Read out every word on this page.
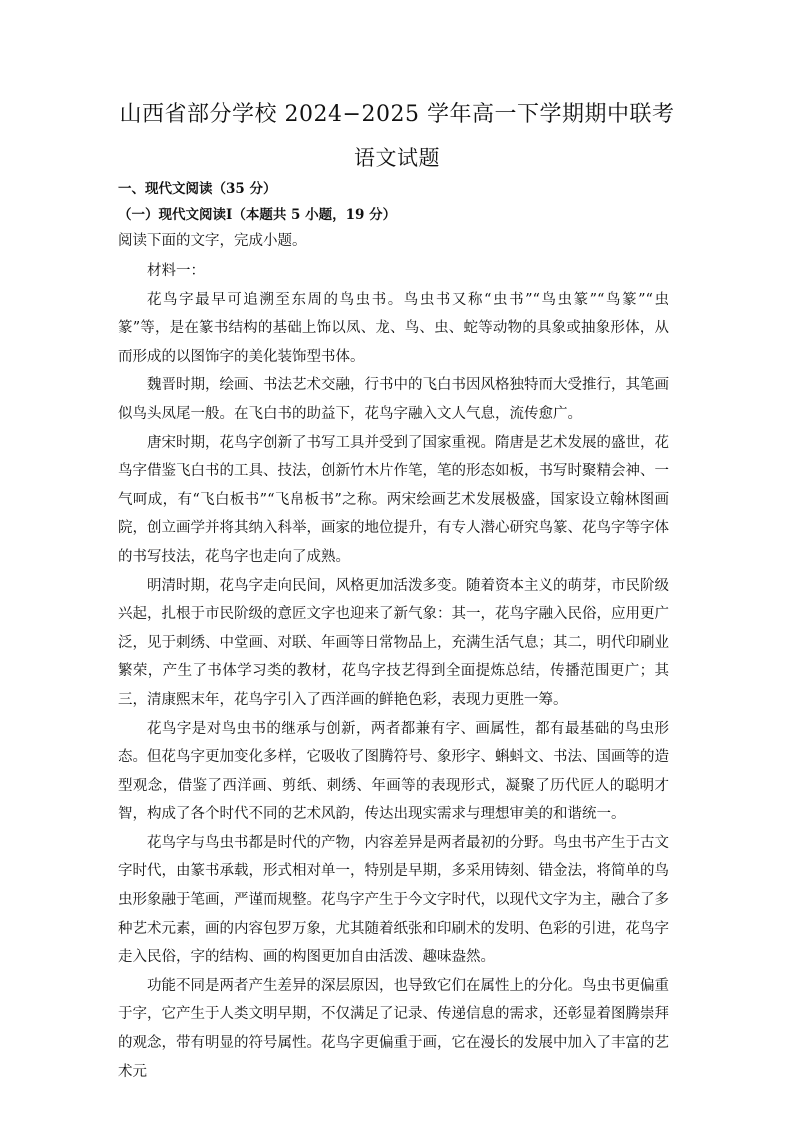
山西省部分学校 2024−2025 学年高一下学期期中联考
语文试题
一、现代文阅读（35 分）
（一）现代文阅读Ⅰ（本题共 5 小题，19 分）
阅读下面的文字，完成小题。

材料一：

花鸟字最早可追溯至东周的鸟虫书。鸟虫书又称“虫书”“鸟虫篆”“鸟篆”“虫篆”等，是在篆书结构的基础上饰以凤、龙、鸟、虫、蛇等动物的具象或抽象形体，从而形成的以图饰字的美化装饰型书体。

魏晋时期，绘画、书法艺术交融，行书中的飞白书因风格独特而大受推行，其笔画似鸟头凤尾一般。在飞白书的助益下，花鸟字融入文人气息，流传愈广。

唐宋时期，花鸟字创新了书写工具并受到了国家重视。隋唐是艺术发展的盛世，花鸟字借鉴飞白书的工具、技法，创新竹木片作笔，笔的形态如板，书写时聚精会神、一气呵成，有“飞白板书”“飞帛板书”之称。两宋绘画艺术发展极盛，国家设立翰林图画院，创立画学并将其纳入科举，画家的地位提升，有专人潜心研究鸟篆、花鸟字等字体的书写技法，花鸟字也走向了成熟。

明清时期，花鸟字走向民间，风格更加活泼多变。随着资本主义的萌芽，市民阶级兴起，扎根于市民阶级的意匠文字也迎来了新气象：其一，花鸟字融入民俗，应用更广泛，见于刺绣、中堂画、对联、年画等日常物品上，充满生活气息；其二，明代印刷业繁荣，产生了书体学习类的教材，花鸟字技艺得到全面提炼总结，传播范围更广；其三，清康熙末年，花鸟字引入了西洋画的鲜艳色彩，表现力更胜一筹。

花鸟字是对鸟虫书的继承与创新，两者都兼有字、画属性，都有最基础的鸟虫形态。但花鸟字更加变化多样，它吸收了图腾符号、象形字、蝌蚪文、书法、国画等的造型观念，借鉴了西洋画、剪纸、刺绣、年画等的表现形式，凝聚了历代匠人的聪明才智，构成了各个时代不同的艺术风韵，传达出现实需求与理想审美的和谐统一。

花鸟字与鸟虫书都是时代的产物，内容差异是两者最初的分野。鸟虫书产生于古文字时代，由篆书承载，形式相对单一，特别是早期，多采用铸刻、错金法，将简单的鸟虫形象融于笔画，严谨而规整。花鸟字产生于今文字时代，以现代文字为主，融合了多种艺术元素，画的内容包罗万象，尤其随着纸张和印刷术的发明、色彩的引进，花鸟字走入民俗，字的结构、画的构图更加自由活泼、趣味盎然。

功能不同是两者产生差异的深层原因，也导致它们在属性上的分化。鸟虫书更偏重于字，它产生于人类文明早期，不仅满足了记录、传递信息的需求，还彰显着图腾崇拜的观念，带有明显的符号属性。花鸟字更偏重于画，它在漫长的发展中加入了丰富的艺术元
